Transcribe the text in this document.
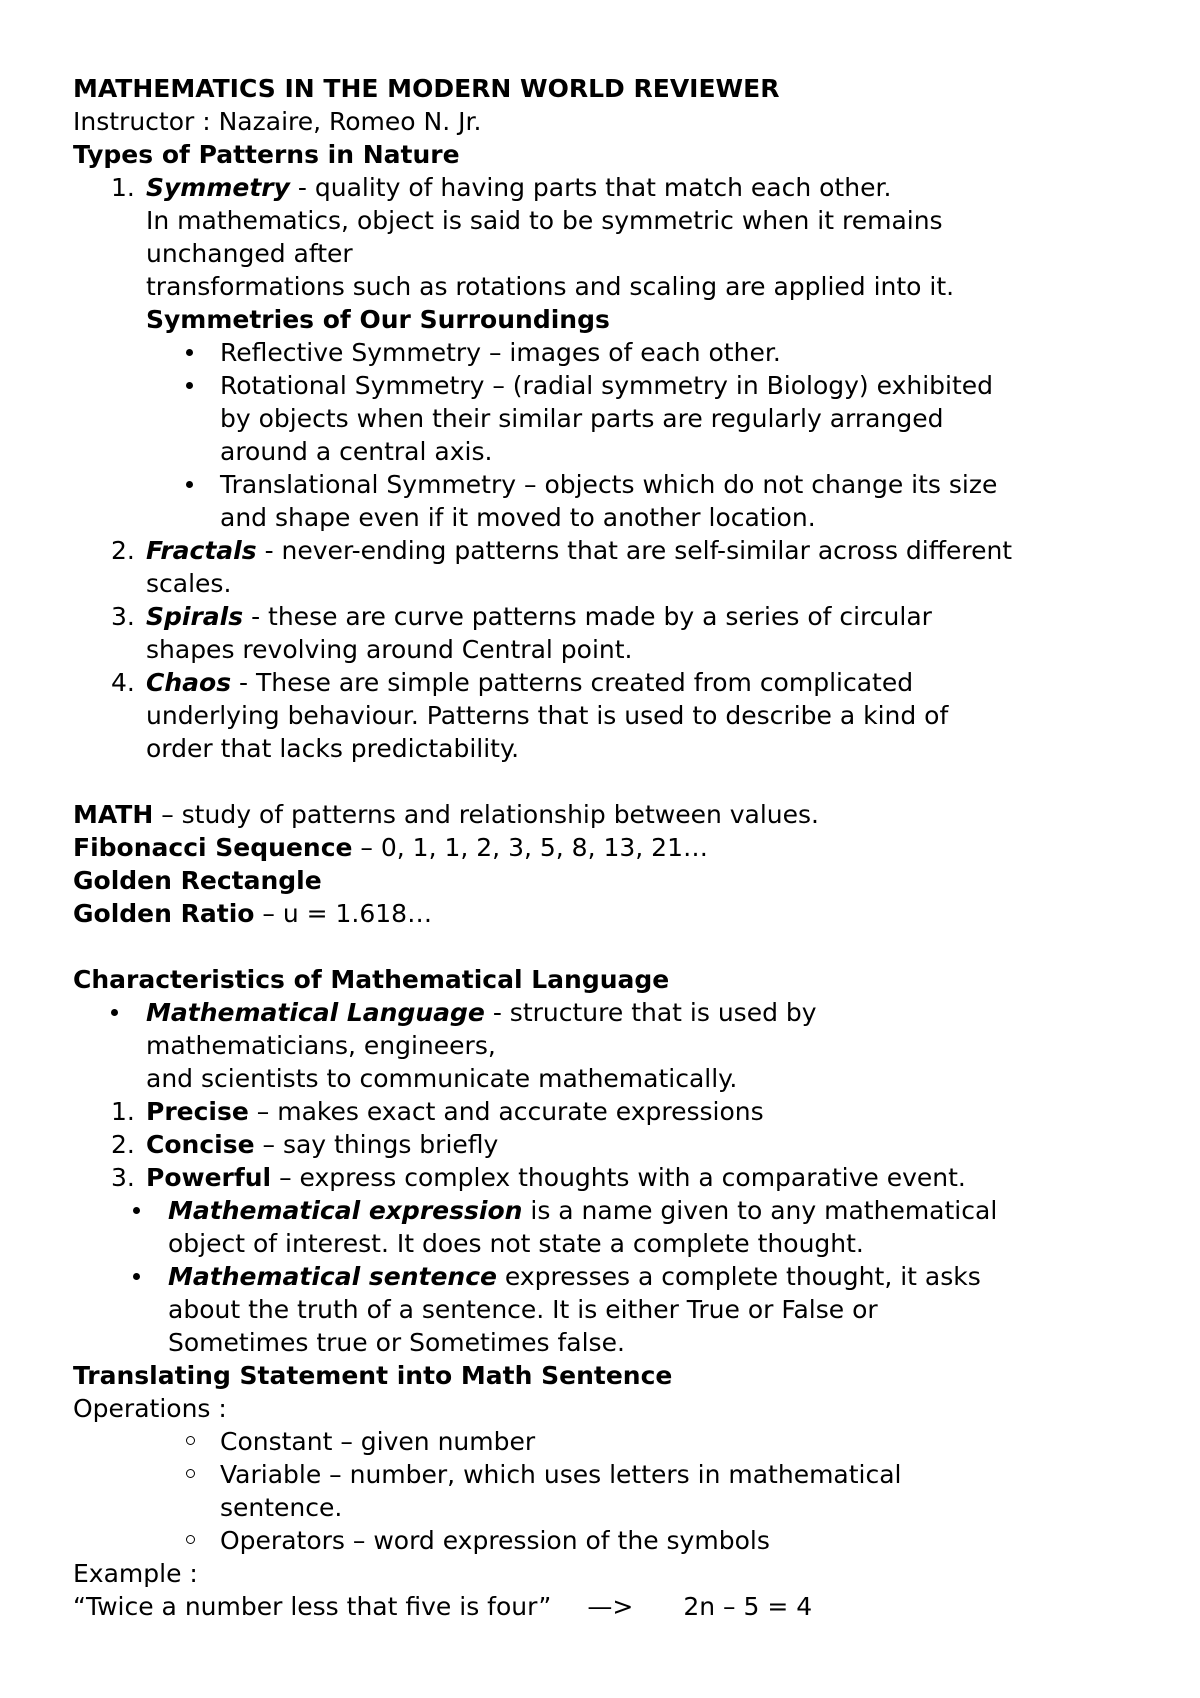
MATHEMATICS IN THE MODERN WORLD REVIEWER
Instructor : Nazaire, Romeo N. Jr.
Types of Patterns in Nature
1. Symmetry - quality of having parts that match each other.
In mathematics, object is said to be symmetric when it remains
unchanged after
transformations such as rotations and scaling are applied into it.
Symmetries of Our Surroundings
Reflective Symmetry – images of each other.
Rotational Symmetry – (radial symmetry in Biology) exhibited
by objects when their similar parts are regularly arranged
around a central axis.
Translational Symmetry – objects which do not change its size
and shape even if it moved to another location.
2. Fractals - never-ending patterns that are self-similar across different
scales.
3. Spirals - these are curve patterns made by a series of circular
shapes revolving around Central point.
4. Chaos - These are simple patterns created from complicated
underlying behaviour. Patterns that is used to describe a kind of
order that lacks predictability.
MATH – study of patterns and relationship between values.
Fibonacci Sequence – 0, 1, 1, 2, 3, 5, 8, 13, 21…
Golden Rectangle
Golden Ratio – u = 1.618…
Characteristics of Mathematical Language
Mathematical Language - structure that is used by
mathematicians, engineers,
and scientists to communicate mathematically.
1. Precise – makes exact and accurate expressions
2. Concise – say things briefly
3. Powerful – express complex thoughts with a comparative event.
Mathematical expression is a name given to any mathematical
object of interest. It does not state a complete thought.
Mathematical sentence expresses a complete thought, it asks
about the truth of a sentence. It is either True or False or
Sometimes true or Sometimes false.
Translating Statement into Math Sentence
Operations :
Constant – given number
Variable – number, which uses letters in mathematical
sentence.
Operators – word expression of the symbols
Example :
“Twice a number less that five is four” —> 2n – 5 = 4
